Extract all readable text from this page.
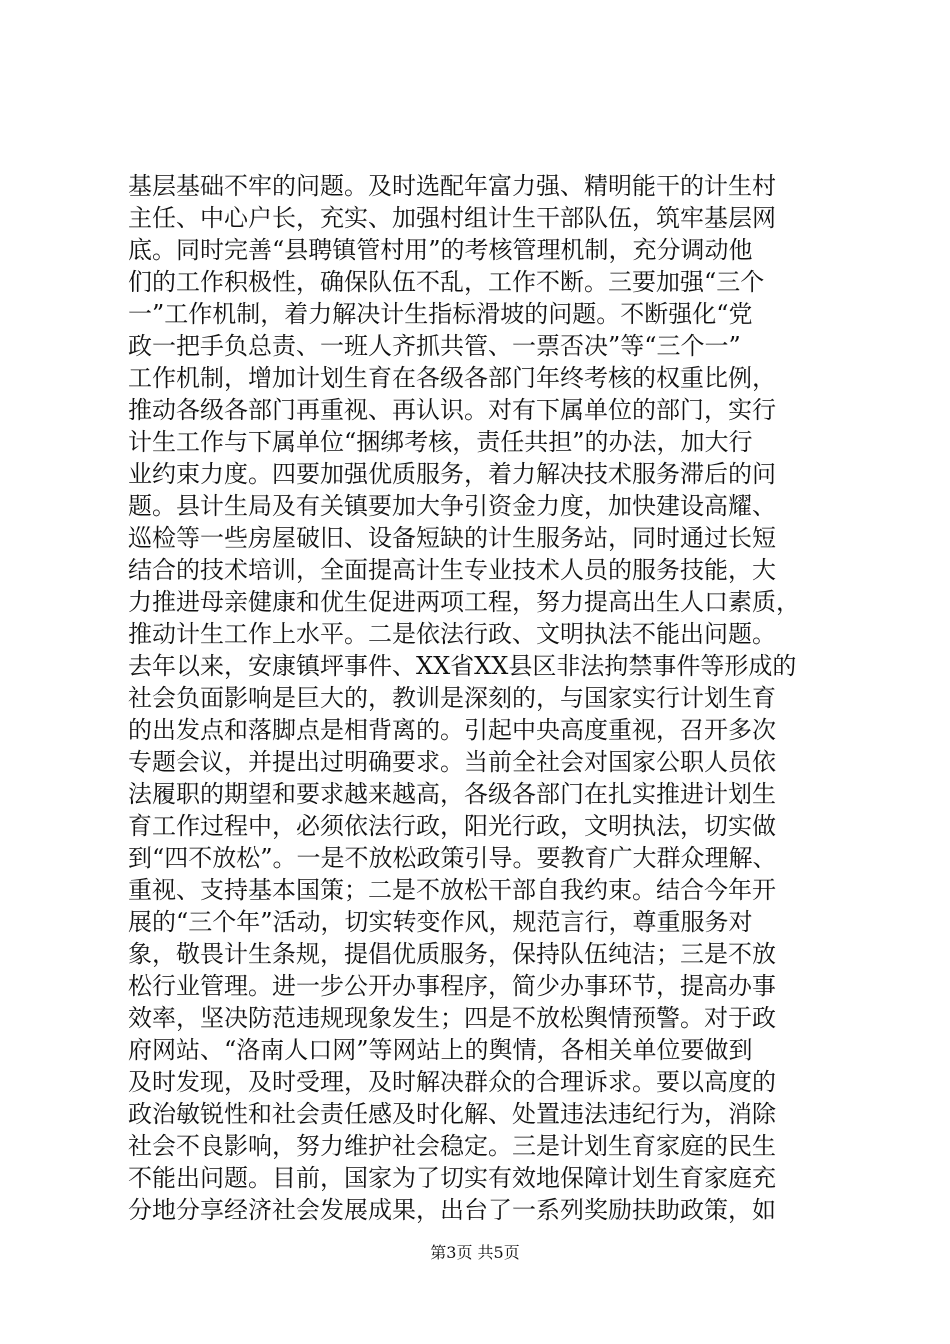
基层基础不牢的问题。及时选配年富力强、精明能干的计生村
主任、中心户长，充实、加强村组计生干部队伍，筑牢基层网
底。同时完善“县聘镇管村用”的考核管理机制，充分调动他
们的工作积极性，确保队伍不乱，工作不断。三要加强“三个
一”工作机制，着力解决计生指标滑坡的问题。不断强化“党
政一把手负总责、一班人齐抓共管、一票否决”等“三个一”
工作机制，增加计划生育在各级各部门年终考核的权重比例，
推动各级各部门再重视、再认识。对有下属单位的部门，实行
计生工作与下属单位“捆绑考核，责任共担”的办法，加大行
业约束力度。四要加强优质服务，着力解决技术服务滞后的问
题。县计生局及有关镇要加大争引资金力度，加快建设高耀、
巡检等一些房屋破旧、设备短缺的计生服务站，同时通过长短
结合的技术培训，全面提高计生专业技术人员的服务技能，大
力推进母亲健康和优生促进两项工程，努力提高出生人口素质，
推动计生工作上水平。二是依法行政、文明执法不能出问题。
去年以来，安康镇坪事件、XX省XX县区非法拘禁事件等形成的
社会负面影响是巨大的，教训是深刻的，与国家实行计划生育
的出发点和落脚点是相背离的。引起中央高度重视，召开多次
专题会议，并提出过明确要求。当前全社会对国家公职人员依
法履职的期望和要求越来越高，各级各部门在扎实推进计划生
育工作过程中，必须依法行政，阳光行政，文明执法，切实做
到“四不放松”。一是不放松政策引导。要教育广大群众理解、
重视、支持基本国策；二是不放松干部自我约束。结合今年开
展的“三个年”活动，切实转变作风，规范言行，尊重服务对
象，敬畏计生条规，提倡优质服务，保持队伍纯洁；三是不放
松行业管理。进一步公开办事程序，简少办事环节，提高办事
效率，坚决防范违规现象发生；四是不放松舆情预警。对于政
府网站、“洛南人口网”等网站上的舆情，各相关单位要做到
及时发现，及时受理，及时解决群众的合理诉求。要以高度的
政治敏锐性和社会责任感及时化解、处置违法违纪行为，消除
社会不良影响，努力维护社会稳定。三是计划生育家庭的民生
不能出问题。目前，国家为了切实有效地保障计划生育家庭充
分地分享经济社会发展成果，出台了一系列奖励扶助政策，如
第3页 共5页
